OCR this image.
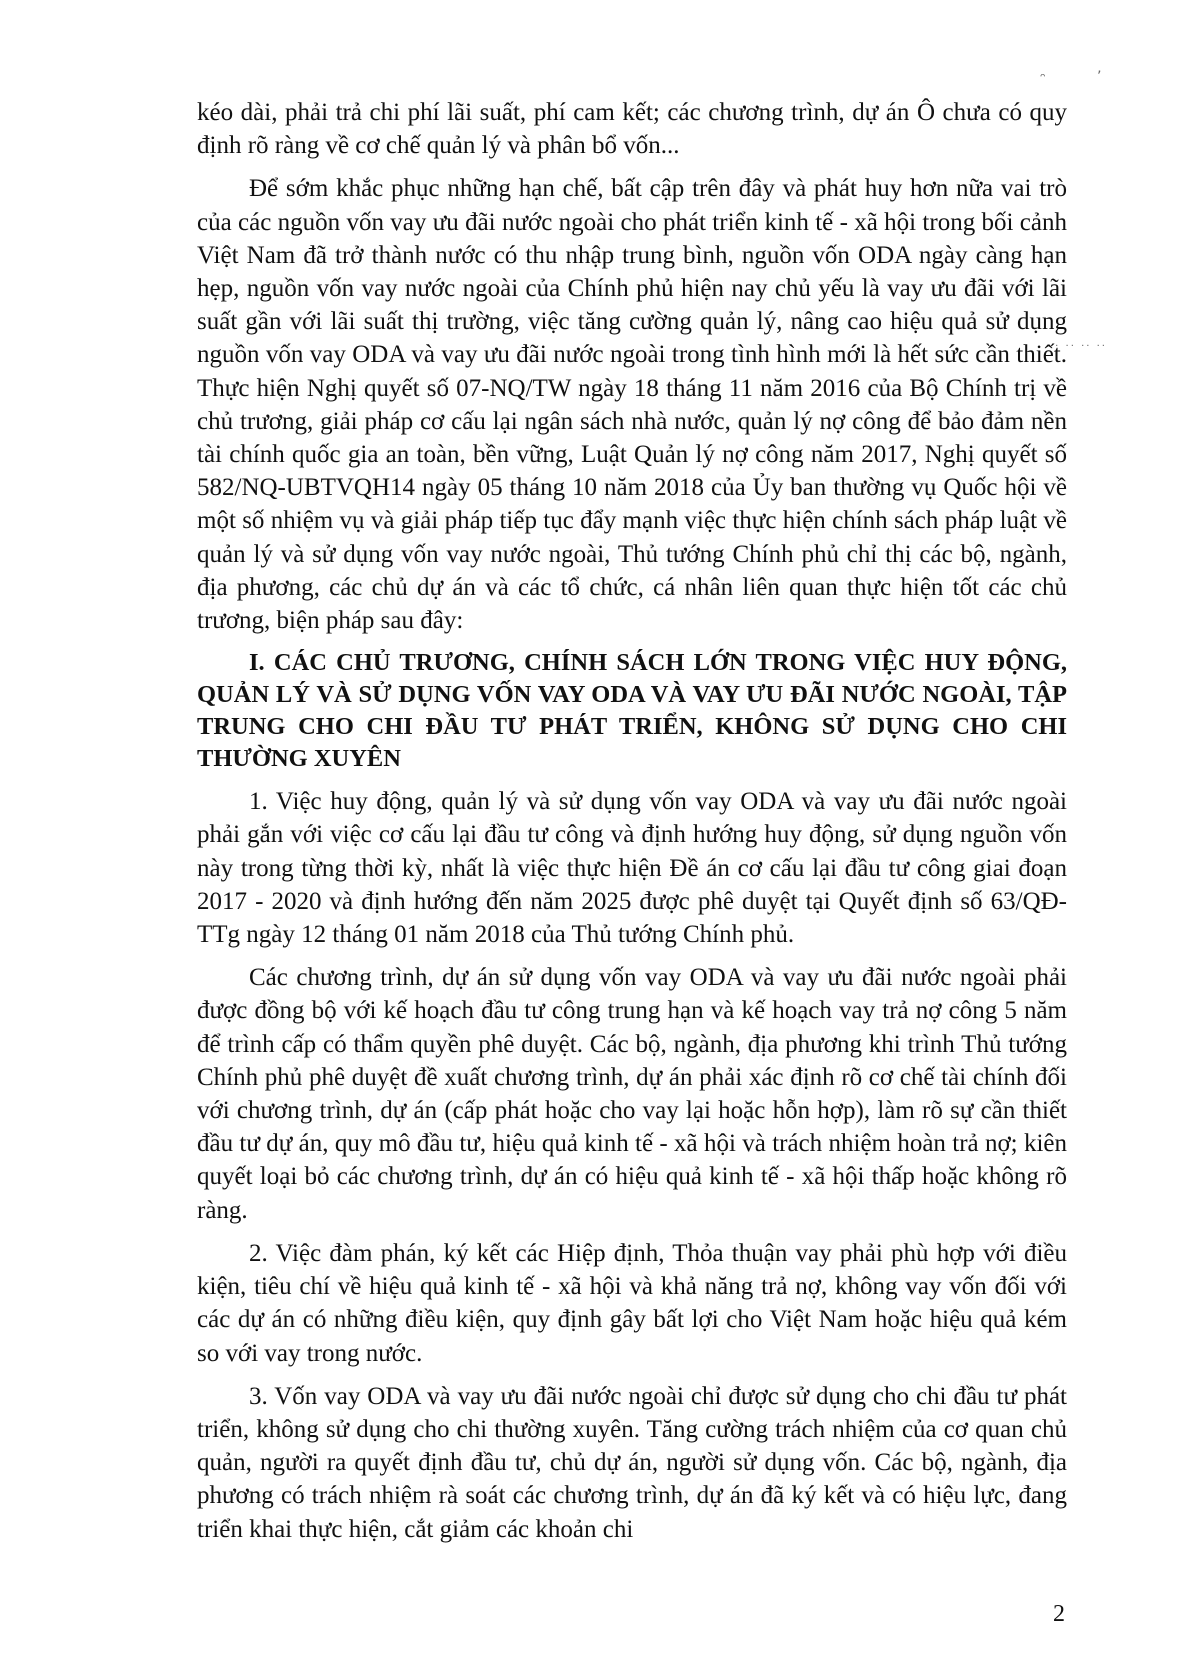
ᵔ	’
·· ·· ·· ··

kéo dài, phải trả chi phí lãi suất, phí cam kết; các chương trình, dự án Ô chưa có quy định rõ ràng về cơ chế quản lý và phân bổ vốn...

Để sớm khắc phục những hạn chế, bất cập trên đây và phát huy hơn nữa vai trò của các nguồn vốn vay ưu đãi nước ngoài cho phát triển kinh tế - xã hội trong bối cảnh Việt Nam đã trở thành nước có thu nhập trung bình, nguồn vốn ODA ngày càng hạn hẹp, nguồn vốn vay nước ngoài của Chính phủ hiện nay chủ yếu là vay ưu đãi với lãi suất gần với lãi suất thị trường, việc tăng cường quản lý, nâng cao hiệu quả sử dụng nguồn vốn vay ODA và vay ưu đãi nước ngoài trong tình hình mới là hết sức cần thiết. Thực hiện Nghị quyết số 07-NQ/TW ngày 18 tháng 11 năm 2016 của Bộ Chính trị về chủ trương, giải pháp cơ cấu lại ngân sách nhà nước, quản lý nợ công để bảo đảm nền tài chính quốc gia an toàn, bền vững, Luật Quản lý nợ công năm 2017, Nghị quyết số 582/NQ-UBTVQH14 ngày 05 tháng 10 năm 2018 của Ủy ban thường vụ Quốc hội về một số nhiệm vụ và giải pháp tiếp tục đẩy mạnh việc thực hiện chính sách pháp luật về quản lý và sử dụng vốn vay nước ngoài, Thủ tướng Chính phủ chỉ thị các bộ, ngành, địa phương, các chủ dự án và các tổ chức, cá nhân liên quan thực hiện tốt các chủ trương, biện pháp sau đây:

I. CÁC CHỦ TRƯƠNG, CHÍNH SÁCH LỚN TRONG VIỆC HUY ĐỘNG, QUẢN LÝ VÀ SỬ DỤNG VỐN VAY ODA VÀ VAY ƯU ĐÃI NƯỚC NGOÀI, TẬP TRUNG CHO CHI ĐẦU TƯ PHÁT TRIỂN, KHÔNG SỬ DỤNG CHO CHI THƯỜNG XUYÊN

1. Việc huy động, quản lý và sử dụng vốn vay ODA và vay ưu đãi nước ngoài phải gắn với việc cơ cấu lại đầu tư công và định hướng huy động, sử dụng nguồn vốn này trong từng thời kỳ, nhất là việc thực hiện Đề án cơ cấu lại đầu tư công giai đoạn 2017 - 2020 và định hướng đến năm 2025 được phê duyệt tại Quyết định số 63/QĐ-TTg ngày 12 tháng 01 năm 2018 của Thủ tướng Chính phủ.

Các chương trình, dự án sử dụng vốn vay ODA và vay ưu đãi nước ngoài phải được đồng bộ với kế hoạch đầu tư công trung hạn và kế hoạch vay trả nợ công 5 năm để trình cấp có thẩm quyền phê duyệt. Các bộ, ngành, địa phương khi trình Thủ tướng Chính phủ phê duyệt đề xuất chương trình, dự án phải xác định rõ cơ chế tài chính đối với chương trình, dự án (cấp phát hoặc cho vay lại hoặc hỗn hợp), làm rõ sự cần thiết đầu tư dự án, quy mô đầu tư, hiệu quả kinh tế - xã hội và trách nhiệm hoàn trả nợ; kiên quyết loại bỏ các chương trình, dự án có hiệu quả kinh tế - xã hội thấp hoặc không rõ ràng.

2. Việc đàm phán, ký kết các Hiệp định, Thỏa thuận vay phải phù hợp với điều kiện, tiêu chí về hiệu quả kinh tế - xã hội và khả năng trả nợ, không vay vốn đối với các dự án có những điều kiện, quy định gây bất lợi cho Việt Nam hoặc hiệu quả kém so với vay trong nước.

3. Vốn vay ODA và vay ưu đãi nước ngoài chỉ được sử dụng cho chi đầu tư phát triển, không sử dụng cho chi thường xuyên. Tăng cường trách nhiệm của cơ quan chủ quản, người ra quyết định đầu tư, chủ dự án, người sử dụng vốn. Các bộ, ngành, địa phương có trách nhiệm rà soát các chương trình, dự án đã ký kết và có hiệu lực, đang triển khai thực hiện, cắt giảm các khoản chi

2
